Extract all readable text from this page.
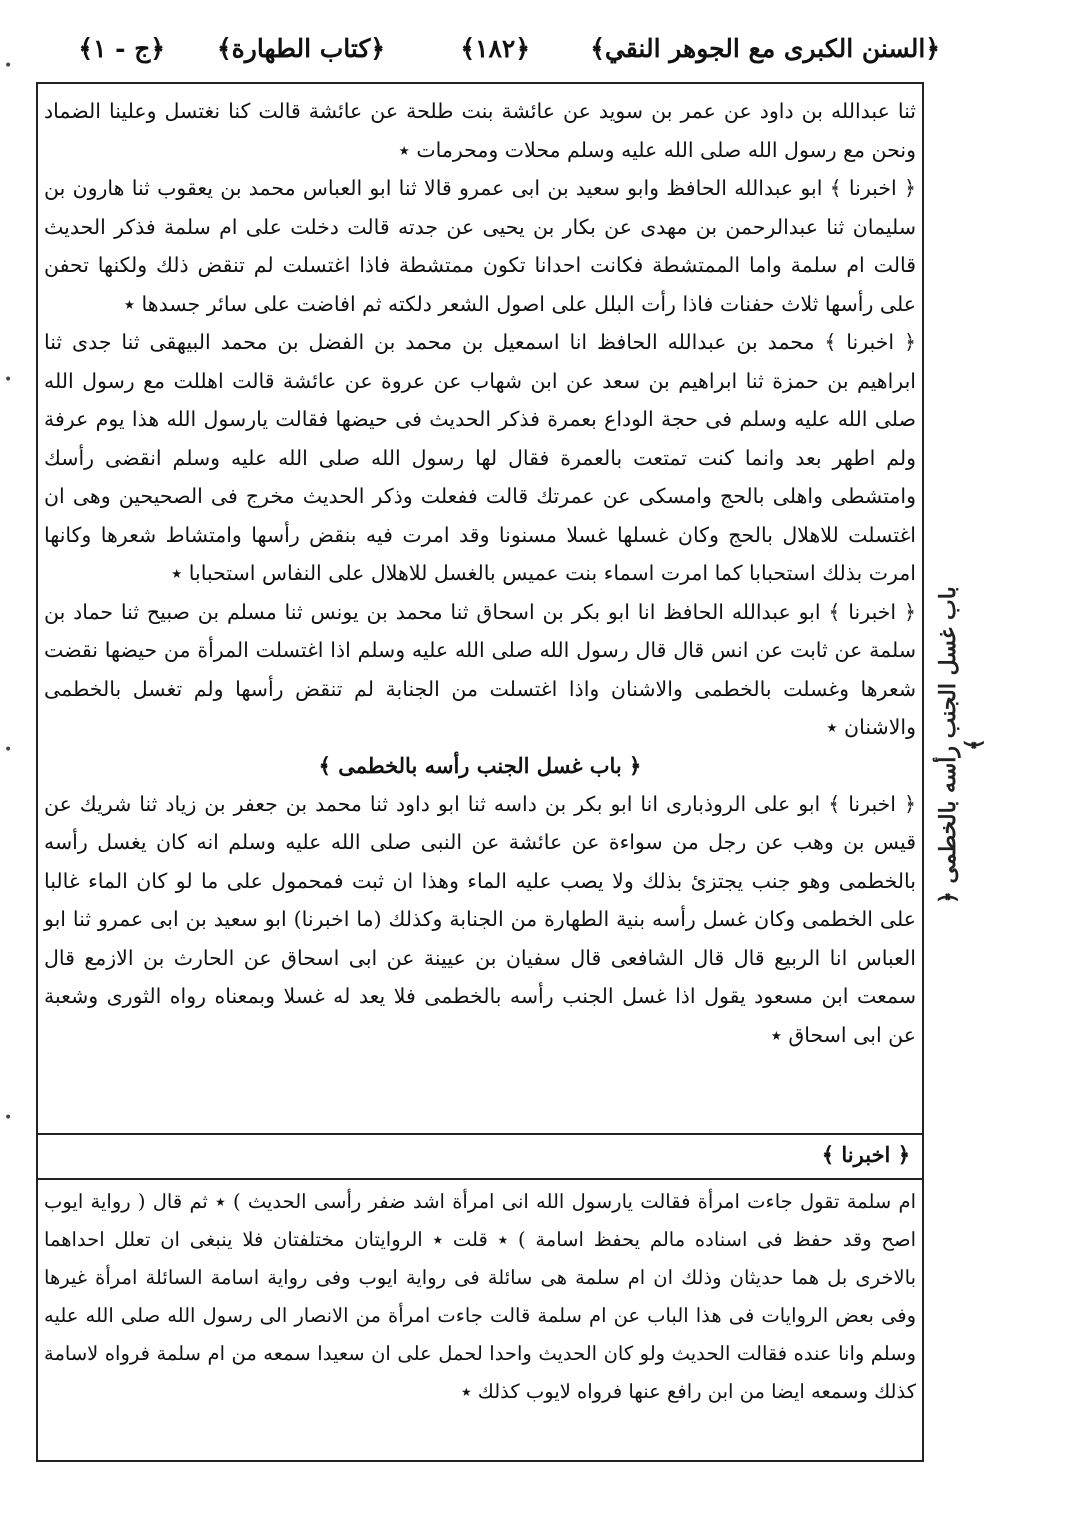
﴿السنن الكبرى مع الجوهر النقي﴾
﴿١٨٢﴾
﴿كتاب الطهارة﴾
﴿ج - ١﴾

ثنا عبدالله بن داود عن عمر بن سويد عن عائشة بنت طلحة عن عائشة قالت كنا نغتسل وعلينا الضماد ونحن مع رسول الله صلى الله عليه وسلم محلات ومحرمات ٭

﴿ اخبرنا ﴾ ابو عبدالله الحافظ وابو سعيد بن ابى عمرو قالا ثنا ابو العباس محمد بن يعقوب ثنا هارون بن سليمان ثنا عبدالرحمن بن مهدى عن بكار بن يحيى عن جدته قالت دخلت على ام سلمة فذكر الحديث قالت ام سلمة واما الممتشطة فكانت احدانا تكون ممتشطة فاذا اغتسلت لم تنقض ذلك ولكنها تحفن على رأسها ثلاث حفنات فاذا رأت البلل على اصول الشعر دلكته ثم افاضت على سائر جسدها ٭

﴿ اخبرنا ﴾ محمد بن عبدالله الحافظ انا اسمعيل بن محمد بن الفضل بن محمد البيهقى ثنا جدى ثنا ابراهيم بن حمزة ثنا ابراهيم بن سعد عن ابن شهاب عن عروة عن عائشة قالت اهللت مع رسول الله صلى الله عليه وسلم فى حجة الوداع بعمرة فذكر الحديث فى حيضها فقالت يارسول الله هذا يوم عرفة ولم اطهر بعد وانما كنت تمتعت بالعمرة فقال لها رسول الله صلى الله عليه وسلم انقضى رأسك وامتشطى واهلى بالحج وامسكى عن عمرتك قالت ففعلت وذكر الحديث مخرج فى الصحيحين وهى ان اغتسلت للاهلال بالحج وكان غسلها غسلا مسنونا وقد امرت فيه بنقض رأسها وامتشاط شعرها وكانها امرت بذلك استحبابا كما امرت اسماء بنت عميس بالغسل للاهلال على النفاس استحبابا ٭

﴿ اخبرنا ﴾ ابو عبدالله الحافظ انا ابو بكر بن اسحاق ثنا محمد بن يونس ثنا مسلم بن صبيح ثنا حماد بن سلمة عن ثابت عن انس قال قال رسول الله صلى الله عليه وسلم اذا اغتسلت المرأة من حيضها نقضت شعرها وغسلت بالخطمى والاشنان واذا اغتسلت من الجنابة لم تنقض رأسها ولم تغسل بالخطمى والاشنان ٭

﴿ باب غسل الجنب رأسه بالخطمى ﴾

﴿ اخبرنا ﴾ ابو على الروذبارى انا ابو بكر بن داسه ثنا ابو داود ثنا محمد بن جعفر بن زياد ثنا شريك عن قيس بن وهب عن رجل من سواءة عن عائشة عن النبى صلى الله عليه وسلم انه كان يغسل رأسه بالخطمى وهو جنب يجتزئ بذلك ولا يصب عليه الماء وهذا ان ثبت فمحمول على ما لو كان الماء غالبا على الخطمى وكان غسل رأسه بنية الطهارة من الجنابة وكذلك (ما اخبرنا) ابو سعيد بن ابى عمرو ثنا ابو العباس انا الربيع قال قال الشافعى قال سفيان بن عيينة عن ابى اسحاق عن الحارث بن الازمع قال سمعت ابن مسعود يقول اذا غسل الجنب رأسه بالخطمى فلا يعد له غسلا وبمعناه رواه الثورى وشعبة عن ابى اسحاق ٭

﴿ اخبرنا ﴾

ام سلمة تقول جاءت امرأة فقالت يارسول الله انى امرأة اشد ضفر رأسى الحديث ) ٭ ثم قال ( رواية ايوب اصح وقد حفظ فى اسناده مالم يحفظ اسامة ) ٭ قلت ٭ الروايتان مختلفتان فلا ينبغى ان تعلل احداهما بالاخرى بل هما حديثان وذلك ان ام سلمة هى سائلة فى رواية ايوب وفى رواية اسامة السائلة امرأة غيرها وفى بعض الروايات فى هذا الباب عن ام سلمة قالت جاءت امرأة من الانصار الى رسول الله صلى الله عليه وسلم وانا عنده فقالت الحديث ولو كان الحديث واحدا لحمل على ان سعيدا سمعه من ام سلمة فرواه لاسامة كذلك وسمعه ايضا من ابن رافع عنها فرواه لايوب كذلك ٭

﴿ باب غسل الجنب رأسه بالخطمى ﴾
•
•
•
•
